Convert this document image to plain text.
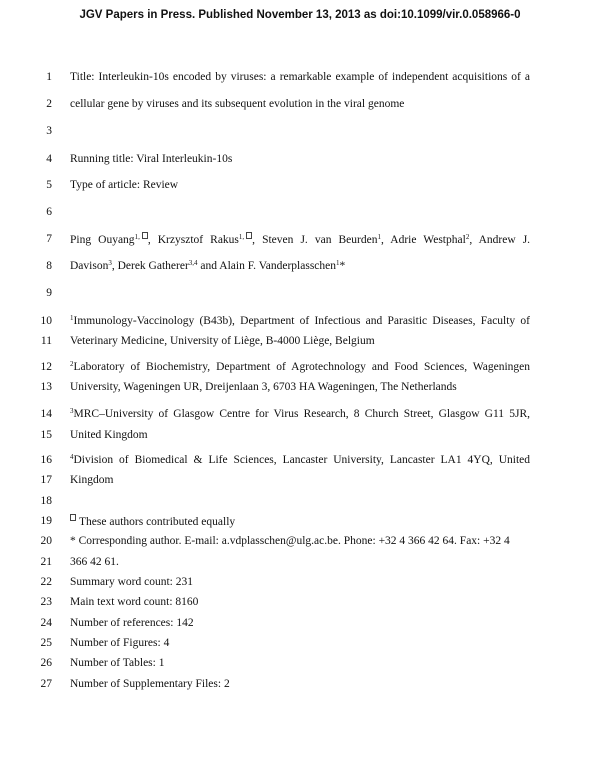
JGV Papers in Press. Published November 13, 2013 as doi:10.1099/vir.0.058966-0
1
2
3
4
5
6
7
8
9
10
11
12
13
14
15
16
17
18
19
20
21
22
23
24
25
26
27
Title: Interleukin-10s encoded by viruses: a remarkable example of independent acquisitions of a
cellular gene by viruses and its subsequent evolution in the viral genome
Running title: Viral Interleukin-10s
Type of article: Review
Ping Ouyang$^{1,}$ , Krzysztof Rakus$^{1,}$ , Steven J. van Beurden$^1$, Adrie Westphal$^2$, Andrew J.
Davison$^3$, Derek Gatherer$^{3,4}$ and Alain F. Vanderplasschen$^1$*
$^1$Immunology-Vaccinology (B43b), Department of Infectious and Parasitic Diseases, Faculty of
Veterinary Medicine, University of Liège, B-4000 Liège, Belgium
$^2$Laboratory of Biochemistry, Department of Agrotechnology and Food Sciences, Wageningen
University, Wageningen UR, Dreijenlaan 3, 6703 HA Wageningen, The Netherlands
$^3$MRC–University of Glasgow Centre for Virus Research, 8 Church Street, Glasgow G11 5JR,
United Kingdom
$^4$Division of Biomedical & Life Sciences, Lancaster University, Lancaster LA1 4YQ, United
Kingdom
These authors contributed equally
* Corresponding author. E-mail: a.vdplasschen@ulg.ac.be. Phone: +32 4 366 42 64. Fax: +32 4
366 42 61.
Summary word count: 231
Main text word count: 8160
Number of references: 142
Number of Figures: 4
Number of Tables: 1
Number of Supplementary Files: 2
